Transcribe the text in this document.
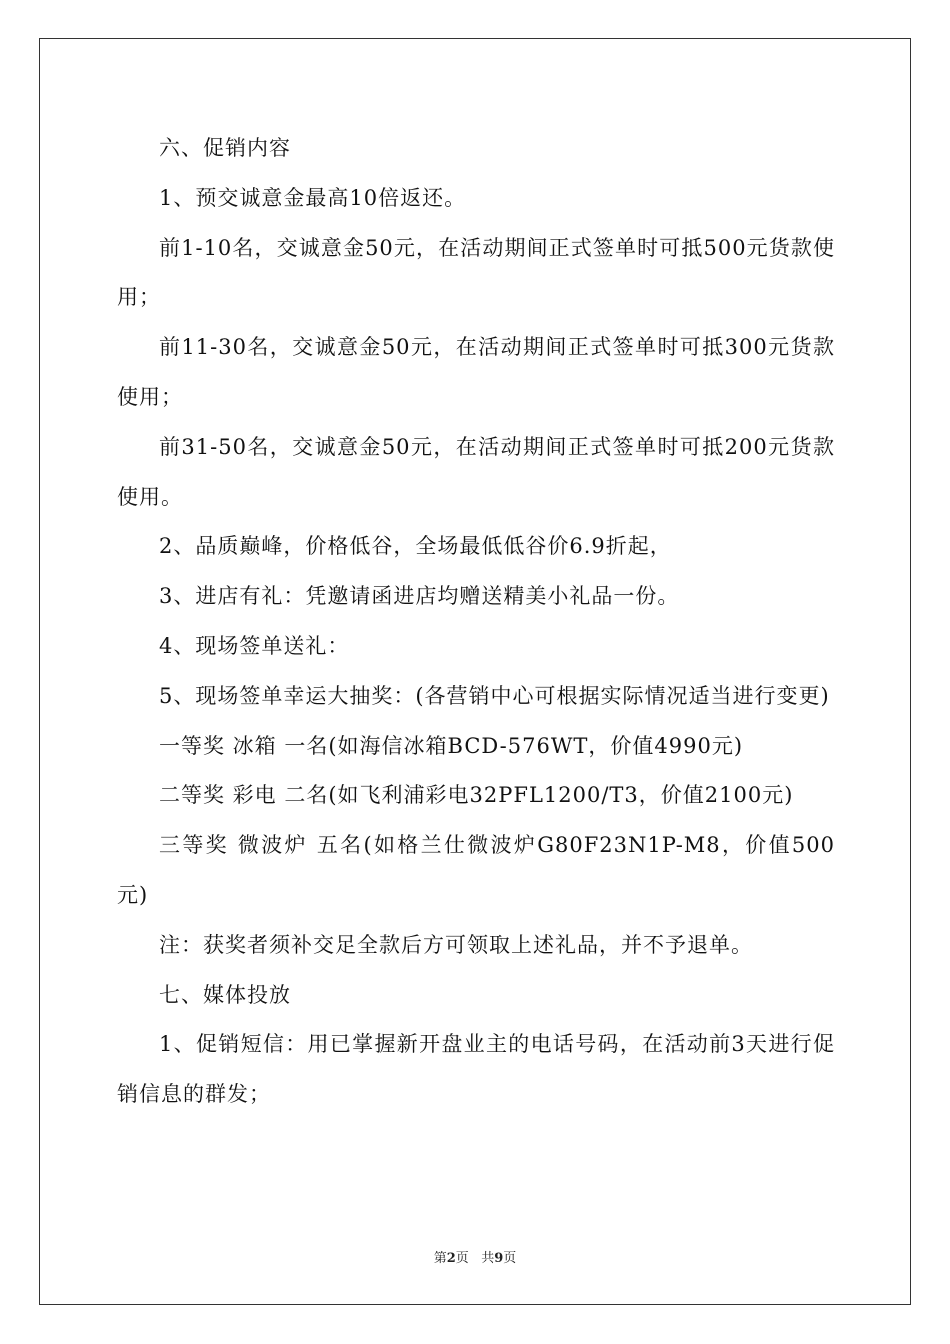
六、促销内容

1、预交诚意金最高10倍返还。

前1-10名，交诚意金50元，在活动期间正式签单时可抵500元货款使用；

前11-30名，交诚意金50元，在活动期间正式签单时可抵300元货款使用；

前31-50名，交诚意金50元，在活动期间正式签单时可抵200元货款使用。

2、品质巅峰，价格低谷，全场最低低谷价6.9折起，

3、进店有礼：凭邀请函进店均赠送精美小礼品一份。

4、现场签单送礼：

5、现场签单幸运大抽奖：(各营销中心可根据实际情况适当进行变更)

一等奖 冰箱 一名(如海信冰箱BCD-576WT，价值4990元)

二等奖 彩电 二名(如飞利浦彩电32PFL1200/T3，价值2100元)

三等奖 微波炉 五名(如格兰仕微波炉G80F23N1P-M8，价值500元)

注：获奖者须补交足全款后方可领取上述礼品，并不予退单。

七、媒体投放

1、促销短信：用已掌握新开盘业主的电话号码，在活动前3天进行促销信息的群发；

第2页 共9页
